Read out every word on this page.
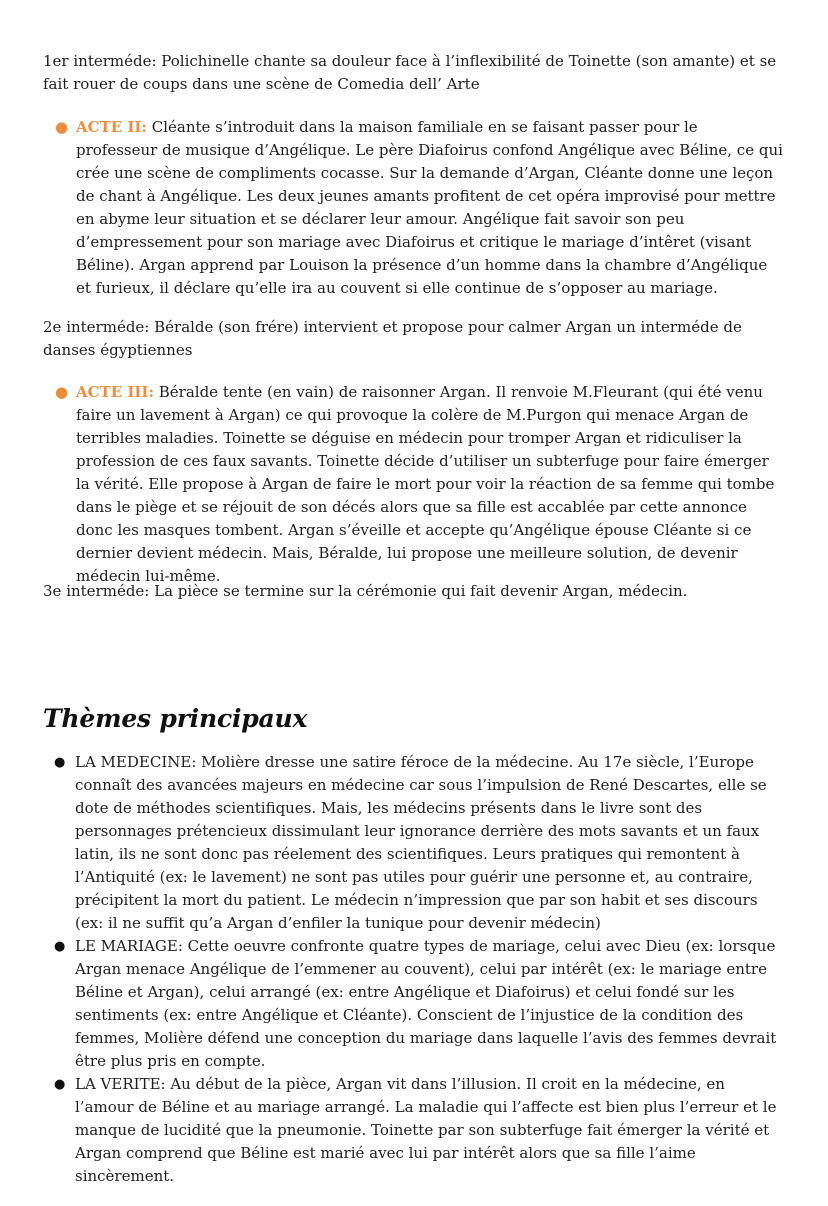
1er interméde: Polichinelle chante sa douleur face à l’inflexibilité de Toinette (son amante) et se fait rouer de coups dans une scène de Comedia dell’ Arte

● ACTE II: Cléante s’introduit dans la maison familiale en se faisant passer pour le professeur de musique d’Angélique. Le père Diafoirus confond Angélique avec Béline, ce qui crée une scène de compliments cocasse. Sur la demande d’Argan, Cléante donne une leçon de chant à Angélique. Les deux jeunes amants profitent de cet opéra improvisé pour mettre en abyme leur situation et se déclarer leur amour. Angélique fait savoir son peu d’empressement pour son mariage avec Diafoirus et critique le mariage d’intêret (visant Béline). Argan apprend par Louison la présence d’un homme dans la chambre d’Angélique et furieux, il déclare qu’elle ira au couvent si elle continue de s’opposer au mariage.

2e interméde: Béralde (son frére) intervient et propose pour calmer Argan un interméde de danses égyptiennes

● ACTE III: Béralde tente (en vain) de raisonner Argan. Il renvoie M.Fleurant (qui été venu faire un lavement à Argan) ce qui provoque la colère de M.Purgon qui menace Argan de terribles maladies. Toinette se déguise en médecin pour tromper Argan et ridiculiser la profession de ces faux savants. Toinette décide d’utiliser un subterfuge pour faire émerger la vérité. Elle propose à Argan de faire le mort pour voir la réaction de sa femme qui tombe dans le piège et se réjouit de son décés alors que sa fille est accablée par cette annonce donc les masques tombent. Argan s’éveille et accepte qu’Angélique épouse Cléante si ce dernier devient médecin. Mais, Béralde, lui propose une meilleure solution, de devenir médecin lui-même.

3e interméde: La pièce se termine sur la cérémonie qui fait devenir Argan, médecin.

Thèmes principaux
● LA MEDECINE: Molière dresse une satire féroce de la médecine. Au 17e siècle, l’Europe connaît des avancées majeurs en médecine car sous l’impulsion de René Descartes, elle se dote de méthodes scientifiques. Mais, les médecins présents dans le livre sont des personnages prétencieux dissimulant leur ignorance derrière des mots savants et un faux latin, ils ne sont donc pas réelement des scientifiques. Leurs pratiques qui remontent à l’Antiquité (ex: le lavement) ne sont pas utiles pour guérir une personne et, au contraire, précipitent la mort du patient. Le médecin n’impression que par son habit et ses discours (ex: il ne suffit qu’a Argan d’enfiler la tunique pour devenir médecin)
● LE MARIAGE: Cette oeuvre confronte quatre types de mariage, celui avec Dieu (ex: lorsque Argan menace Angélique de l’emmener au couvent), celui par intérêt (ex: le mariage entre Béline et Argan), celui arrangé (ex: entre Angélique et Diafoirus) et celui fondé sur les sentiments (ex: entre Angélique et Cléante). Conscient de l’injustice de la condition des femmes, Molière défend une conception du mariage dans laquelle l’avis des femmes devrait être plus pris en compte.
● LA VERITE: Au début de la pièce, Argan vit dans l’illusion. Il croit en la médecine, en l’amour de Béline et au mariage arrangé. La maladie qui l’affecte est bien plus l’erreur et le manque de lucidité que la pneumonie. Toinette par son subterfuge fait émerger la vérité et Argan comprend que Béline est marié avec lui par intérêt alors que sa fille l’aime sincèrement.
